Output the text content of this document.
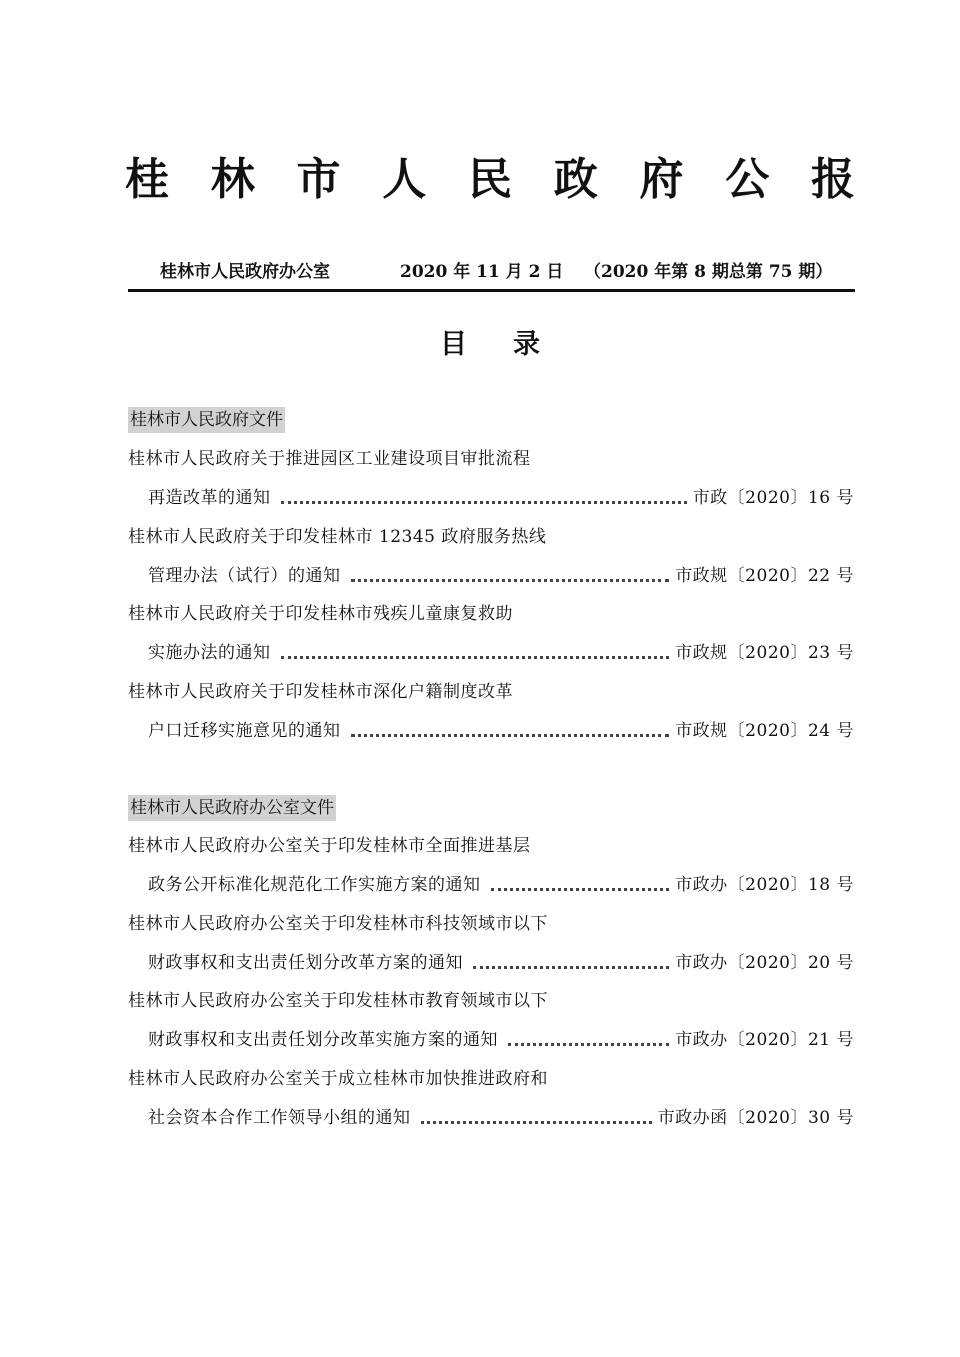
桂 林 市 人 民 政 府 公 报
桂林市人民政府办公室	2020 年 11 月 2 日 （2020 年第 8 期总第 75 期）
目录
桂林市人民政府文件
桂林市人民政府关于推进园区工业建设项目审批流程
再造改革的通知	市政〔2020〕16 号
桂林市人民政府关于印发桂林市 12345 政府服务热线
管理办法（试行）的通知	市政规〔2020〕22 号
桂林市人民政府关于印发桂林市残疾儿童康复救助
实施办法的通知	市政规〔2020〕23 号
桂林市人民政府关于印发桂林市深化户籍制度改革
户口迁移实施意见的通知	市政规〔2020〕24 号
桂林市人民政府办公室文件
桂林市人民政府办公室关于印发桂林市全面推进基层
政务公开标准化规范化工作实施方案的通知	市政办〔2020〕18 号
桂林市人民政府办公室关于印发桂林市科技领域市以下
财政事权和支出责任划分改革方案的通知	市政办〔2020〕20 号
桂林市人民政府办公室关于印发桂林市教育领域市以下
财政事权和支出责任划分改革实施方案的通知	市政办〔2020〕21 号
桂林市人民政府办公室关于成立桂林市加快推进政府和
社会资本合作工作领导小组的通知	市政办函〔2020〕30 号
